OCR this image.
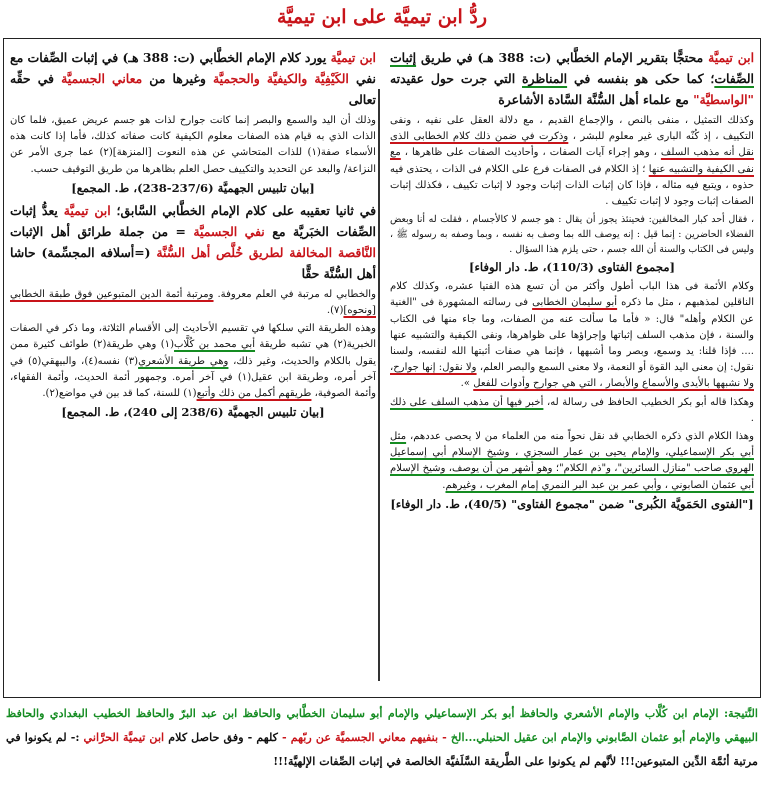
ردُّ ابن تيميَّة على ابن تيميَّة
ابن تيميَّة محتجًّا بتقرير الإمام الخطَّابي (ت: 388 هـ) في طريق إثبات الصِّفات؛ كما حكى هو بنفسه في المناظرة التي جرت حول عقيدته "الواسطيَّة" مع علماء أهل السُّنَّة السَّادة الأشاعرة

وكذلك التمثيل ، منفى بالنص ، والإجماع القديم ، مع دلالة العقل على نفيه ، ونفى التكييف ، إذ كُنْه البارى غير معلوم للبشر ، وذكرت في ضمن ذلك كلام الخطابى الذى نقل أنه مذهب السلف ، وهو إجراء آيات الصفات ، وأحاديث الصفات على ظاهرها ، مع نفى الكيفية والتشبيه عنها ؛ إذ الكلام فى الصفات فرع على الكلام فى الذات ، يحتذى فيه حذوه ، ويتبع فيه مثاله ، فإذا كان إثبات الذات إثبات وجود لا إثبات تكييف ، فكذلك إثبات الصفات إثبات وجود لا إثبات تكييف .

، فقال أحد كبار المخالفين: فحينئذ يجوز أن يقال : هو جسم لا كالأجسام ، فقلت له أنا وبعض الفضلاء الحاضرين : إنما قيل : إنه يوصف الله بما وصف به نفسه ، وبما وصفه به رسوله ﷺ ، وليس فى الكتاب والسنة أن الله جسم ، حتى يلزم هذا السؤال .

[مجموع الفتاوى (110/3)، ط. دار الوفاء]

وكلام الأئمة فى هذا الباب أطول وأكثر من أن تسع هذه الفتيا عشره، وكذلك كلام الناقلين لمذهبهم ، مثل ما ذكره أبو سليمان الخطابى فى رسالته المشهورة فى "الغنية عن الكلام وأهله" قال: « فأما ما سألت عنه من الصفات، وما جاء منها فى الكتاب والسنة ، فإن مذهب السلف إثباتها وإجراؤها على ظواهرها، ونفى الكيفية والتشبيه عنها .... فإذا قلنا: يد وسمع، وبصر وما أشبهها ، فإنما هي صفات أثبتها الله لنفسه، ولسنا نقول: إن معنى اليد القوة أو النعمة، ولا معنى السمع والبصر العلم، ولا نقول: إنها جوارح، ولا نشبهها بالأيدى والأسماع والأبصار ، التي هي جوارح وأدوات للفعل ».

وهكذا قاله أبو بكر الخطيب الحافظ فى رسالة له، أخبر فيها أن مذهب السلف على ذلك .

وهذا الكلام الذي ذكره الخطابي قد نقل نحواً منه من العلماء من لا يحصى عددهم، مثل أبي بكر الإسماعيلي، والإمام يحيى بن عمار السجزي ، وشيخ الإسلام أبي إسماعيل الهروي صاحب "منازل السائرين"، و"ذم الكلام"؛ وهو أشهر من أن يوصف، وشيخ الإسلام أبي عثمان الصابوني ، وأبي عمر بن عبد البر النمري إمام المغرب ، وغيرهم.

["الفتوى الحَمَويَّة الكُبرى" ضمن "مجموع الفتاوى" (40/5)، ط. دار الوفاء]
ابن تيميَّة يورد كلام الإمام الخطَّابي (ت: 388 هـ) في إثبات الصِّفات مع نفي الكَيْفِيَّة والكيفيَّة والحجميَّة وغيرها من معاني الجسميَّة في حقِّه تعالى

وذلك أن اليد والسمع والبصر إنما كانت جوارح لذات هو جسم عريض عميق، فلما كان الذات الذي به قيام هذه الصفات معلوم الكيفية كانت صفاته كذلك، فأما إذا كانت هذه الأسماء صفة(١) للذات المتحاشي عن هذه النعوت [المنزهة](٢) عما جرى الأمر عن النزاعة/ والبعد عن التحديد والتكييف حصل العلم بظاهرها من طريق التوقيف حسب.

[بيان تلبيس الجهميَّة (237/6-238)، ط. المجمع]
في ثانيا تعقيبه على كلام الإمام الخطَّابي السَّابق؛ ابن تيميَّة يعدُّ إثبات الصِّفات الخبَريَّة مع نفي الجسميَّة = من جملة طرائق أهل الإثبات النَّاقصة المخالفة لطريق خُلَّص أهل السُّنَّة (=أسلافه المجسِّمة) حاشا أهل السُّنَّة حقًّا

والخطابي له مرتبة في العلم معروفة. ومرتبة أئمة الدين المتبوعين فوق طبقة الخطابي [ونحوه](٧).

وهذه الطريقة التي سلكها في تقسيم الأحاديث إلى الأقسام الثلاثة، وما ذكر في الصفات الخبرية(٢) هي تشبه طريقة أبي محمد بن كُلَّاب(١) وهي طريقة(٢) طوائف كثيرة ممن يقول بالكلام والحديث، وغير ذلك، وهي طريقة الأشعري(٣) نفسه(٤)، والبيهقي(٥) في آخر أمره، وطريقة ابن عقيل(١) في آخر أمره. وجمهور أئمة الحديث، وأئمة الفقهاء، وأئمة الصوفية، طريقهم أكمل من ذلك وأتبع(١) للسنة، كما قد بين في مواضع(٢).

[بيان تلبيس الجهميَّة (238/6 إلى 240)، ط. المجمع]
النَّتيجة: الإمام ابن كُلَّاب والإمام الأشعري والحافظ أبو بكر الإسماعيلي والإمام أبو سليمان الخطَّابي والحافظ ابن عبد البرّ والحافظ الخطيب البغدادي والحافظ البيهقي والإمام أبو عثمان الصَّابوني والإمام ابن عقيل الحنبلي...الخ - بنفيهم معاني الجسميَّة عن ربّهم - كلهم - وفق حاصل كلام ابن تيميَّة الحرَّاني :- لم يكونوا في مرتبة أئمَّة الدِّين المتبوعين!!! لأنَّهم لم يكونوا على الطَّريقة السَّلَفيَّة الخالصة في إثبات الصِّفات الإلهيَّة!!!
